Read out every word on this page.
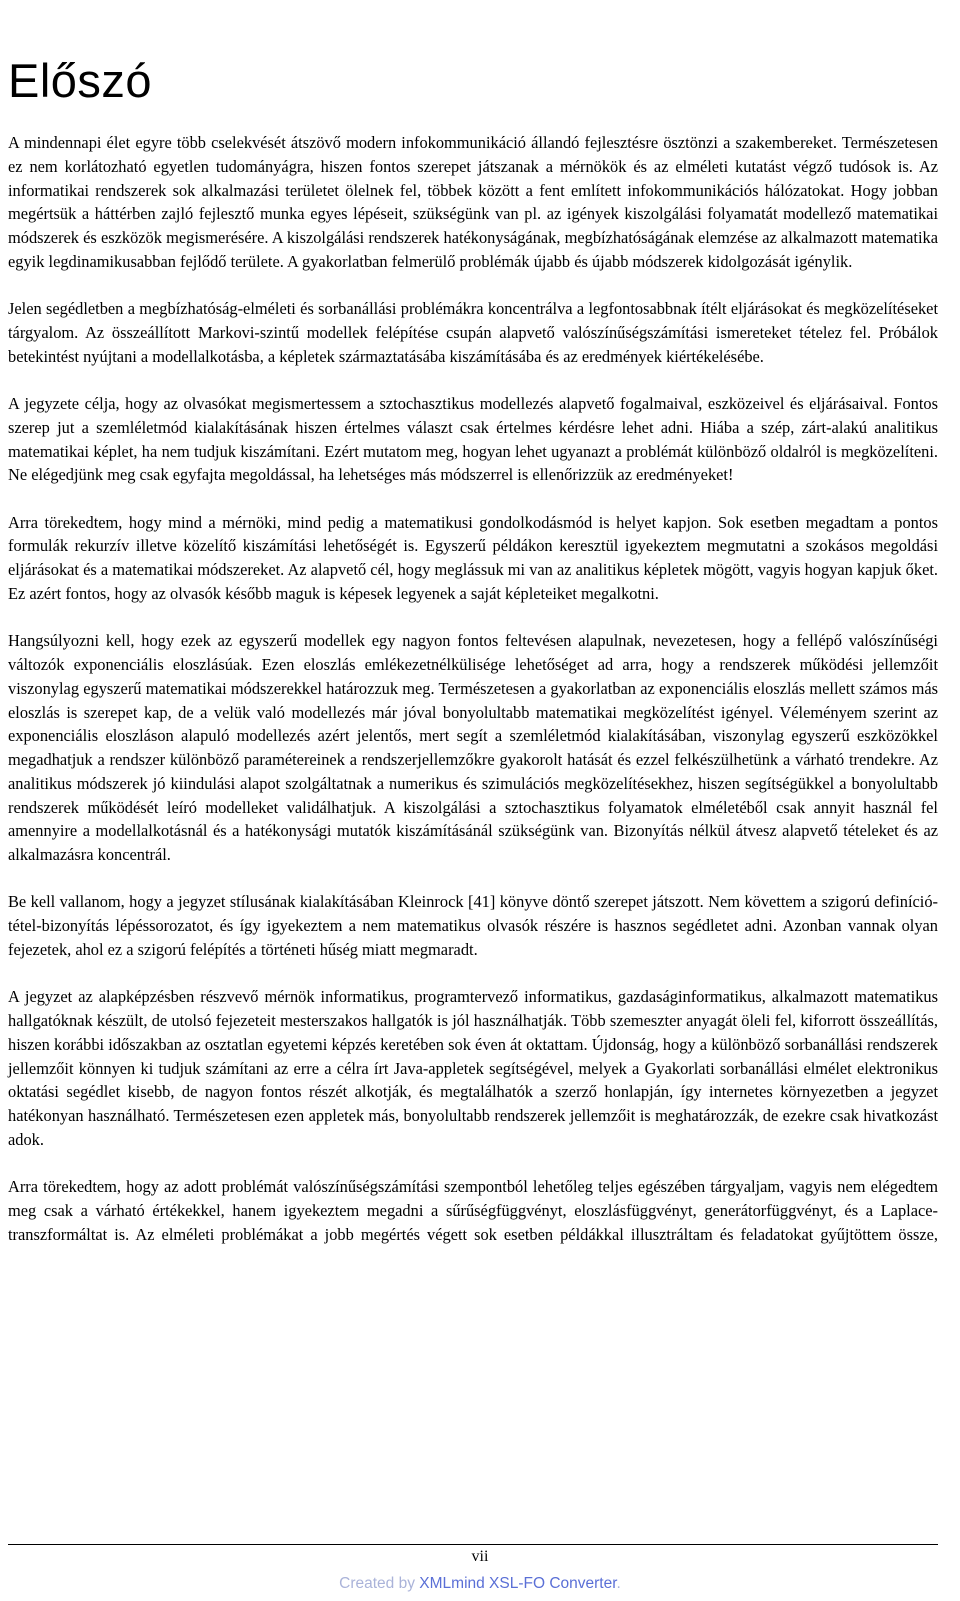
Előszó

A mindennapi élet egyre több cselekvését átszövő modern infokommunikáció állandó fejlesztésre ösztönzi a szakembereket. Természetesen ez nem korlátozható egyetlen tudományágra, hiszen fontos szerepet játszanak a mérnökök és az elméleti kutatást végző tudósok is. Az informatikai rendszerek sok alkalmazási területet ölelnek fel, többek között a fent említett infokommunikációs hálózatokat. Hogy jobban megértsük a háttérben zajló fejlesztő munka egyes lépéseit, szükségünk van pl. az igények kiszolgálási folyamatát modellező matematikai módszerek és eszközök megismerésére. A kiszolgálási rendszerek hatékonyságának, megbízhatóságának elemzése az alkalmazott matematika egyik legdinamikusabban fejlődő területe. A gyakorlatban felmerülő problémák újabb és újabb módszerek kidolgozását igénylik.

Jelen segédletben a megbízhatóság-elméleti és sorbanállási problémákra koncentrálva a legfontosabbnak ítélt eljárásokat és megközelítéseket tárgyalom. Az összeállított Markovi-szintű modellek felépítése csupán alapvető valószínűségszámítási ismereteket tételez fel. Próbálok betekintést nyújtani a modellalkotásba, a képletek származtatásába kiszámításába és az eredmények kiértékelésébe.

A jegyzete célja, hogy az olvasókat megismertessem a sztochasztikus modellezés alapvető fogalmaival, eszközeivel és eljárásaival. Fontos szerep jut a szemléletmód kialakításának hiszen értelmes választ csak értelmes kérdésre lehet adni. Hiába a szép, zárt-alakú analitikus matematikai képlet, ha nem tudjuk kiszámítani. Ezért mutatom meg, hogyan lehet ugyanazt a problémát különböző oldalról is megközelíteni. Ne elégedjünk meg csak egyfajta megoldással, ha lehetséges más módszerrel is ellenőrizzük az eredményeket!

Arra törekedtem, hogy mind a mérnöki, mind pedig a matematikusi gondolkodásmód is helyet kapjon. Sok esetben megadtam a pontos formulák rekurzív illetve közelítő kiszámítási lehetőségét is. Egyszerű példákon keresztül igyekeztem megmutatni a szokásos megoldási eljárásokat és a matematikai módszereket. Az alapvető cél, hogy meglássuk mi van az analitikus képletek mögött, vagyis hogyan kapjuk őket. Ez azért fontos, hogy az olvasók később maguk is képesek legyenek a saját képleteiket megalkotni.

Hangsúlyozni kell, hogy ezek az egyszerű modellek egy nagyon fontos feltevésen alapulnak, nevezetesen, hogy a fellépő valószínűségi változók exponenciális eloszlásúak. Ezen eloszlás emlékezetnélkülisége lehetőséget ad arra, hogy a rendszerek működési jellemzőit viszonylag egyszerű matematikai módszerekkel határozzuk meg. Természetesen a gyakorlatban az exponenciális eloszlás mellett számos más eloszlás is szerepet kap, de a velük való modellezés már jóval bonyolultabb matematikai megközelítést igényel. Véleményem szerint az exponenciális eloszláson alapuló modellezés azért jelentős, mert segít a szemléletmód kialakításában, viszonylag egyszerű eszközökkel megadhatjuk a rendszer különböző paramétereinek a rendszerjellemzőkre gyakorolt hatását és ezzel felkészülhetünk a várható trendekre. Az analitikus módszerek jó kiindulási alapot szolgáltatnak a numerikus és szimulációs megközelítésekhez, hiszen segítségükkel a bonyolultabb rendszerek működését leíró modelleket validálhatjuk. A kiszolgálási a sztochasztikus folyamatok elméletéből csak annyit használ fel amennyire a modellalkotásnál és a hatékonysági mutatók kiszámításánál szükségünk van. Bizonyítás nélkül átvesz alapvető tételeket és az alkalmazásra koncentrál.

Be kell vallanom, hogy a jegyzet stílusának kialakításában Kleinrock [41] könyve döntő szerepet játszott. Nem követtem a szigorú definíció-tétel-bizonyítás lépéssorozatot, és így igyekeztem a nem matematikus olvasók részére is hasznos segédletet adni. Azonban vannak olyan fejezetek, ahol ez a szigorú felépítés a történeti hűség miatt megmaradt.

A jegyzet az alapképzésben részvevő mérnök informatikus, programtervező informatikus, gazdaságinformatikus, alkalmazott matematikus hallgatóknak készült, de utolsó fejezeteit mesterszakos hallgatók is jól használhatják. Több szemeszter anyagát öleli fel, kiforrott összeállítás, hiszen korábbi időszakban az osztatlan egyetemi képzés keretében sok éven át oktattam. Újdonság, hogy a különböző sorbanállási rendszerek jellemzőit könnyen ki tudjuk számítani az erre a célra írt Java-appletek segítségével, melyek a Gyakorlati sorbanállási elmélet elektronikus oktatási segédlet kisebb, de nagyon fontos részét alkotják, és megtalálhatók a szerző honlapján, így internetes környezetben a jegyzet hatékonyan használható. Természetesen ezen appletek más, bonyolultabb rendszerek jellemzőit is meghatározzák, de ezekre csak hivatkozást adok.

Arra törekedtem, hogy az adott problémát valószínűségszámítási szempontból lehetőleg teljes egészében tárgyaljam, vagyis nem elégedtem meg csak a várható értékekkel, hanem igyekeztem megadni a sűrűségfüggvényt, eloszlásfüggvényt, generátorfüggvényt, és a Laplace-transzformáltat is. Az elméleti problémákat a jobb megértés végett sok esetben példákkal illusztráltam és feladatokat gyűjtöttem össze,

vii
Created by XMLmind XSL-FO Converter.
